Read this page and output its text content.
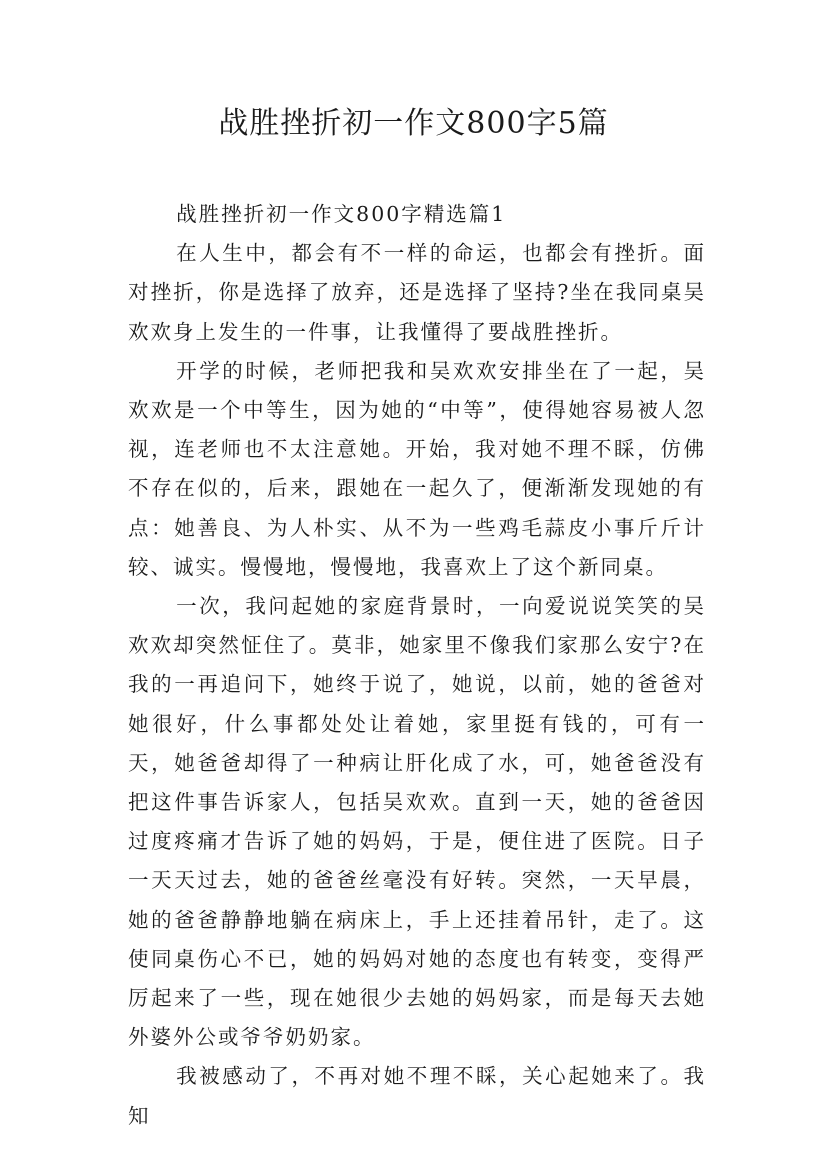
战胜挫折初一作文800字5篇

战胜挫折初一作文800字精选篇1

在人生中，都会有不一样的命运，也都会有挫折。面对挫折，你是选择了放弃，还是选择了坚持?坐在我同桌吴欢欢身上发生的一件事，让我懂得了要战胜挫折。

开学的时候，老师把我和吴欢欢安排坐在了一起，吴欢欢是一个中等生，因为她的“中等”，使得她容易被人忽视，连老师也不太注意她。开始，我对她不理不睬，仿佛不存在似的，后来，跟她在一起久了，便渐渐发现她的有点：她善良、为人朴实、从不为一些鸡毛蒜皮小事斤斤计较、诚实。慢慢地，慢慢地，我喜欢上了这个新同桌。

一次，我问起她的家庭背景时，一向爱说说笑笑的吴欢欢却突然怔住了。莫非，她家里不像我们家那么安宁?在我的一再追问下，她终于说了，她说，以前，她的爸爸对她很好，什么事都处处让着她，家里挺有钱的，可有一天，她爸爸却得了一种病让肝化成了水，可，她爸爸没有把这件事告诉家人，包括吴欢欢。直到一天，她的爸爸因过度疼痛才告诉了她的妈妈，于是，便住进了医院。日子一天天过去，她的爸爸丝毫没有好转。突然，一天早晨，她的爸爸静静地躺在病床上，手上还挂着吊针，走了。这使同桌伤心不已，她的妈妈对她的态度也有转变，变得严厉起来了一些，现在她很少去她的妈妈家，而是每天去她外婆外公或爷爷奶奶家。

我被感动了，不再对她不理不睬，关心起她来了。我知
